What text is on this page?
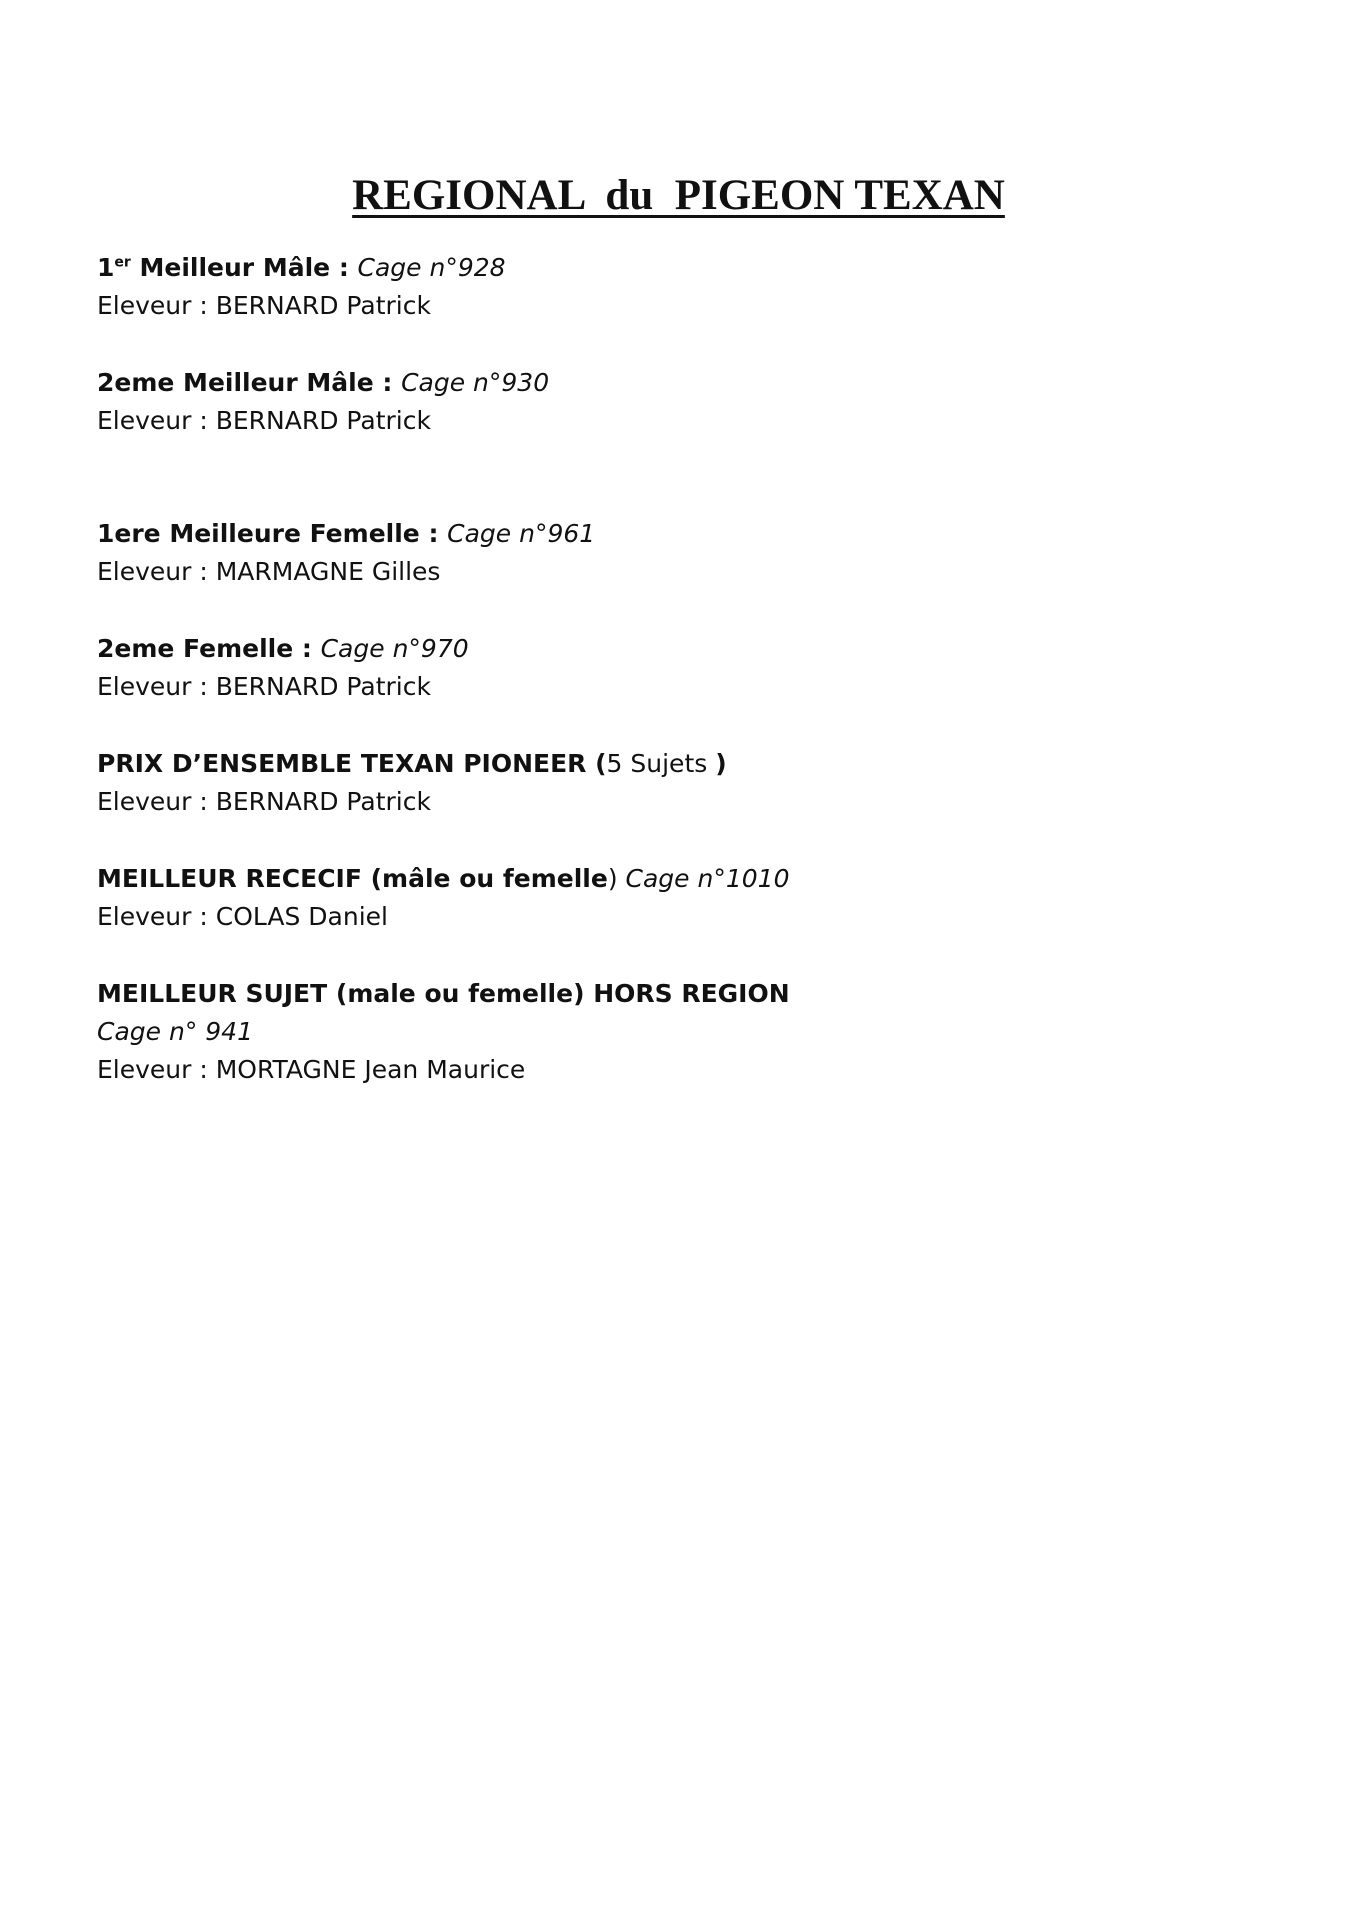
REGIONAL  du  PIGEON TEXAN
1er Meilleur Mâle : Cage n°928
Eleveur : BERNARD Patrick
2eme Meilleur Mâle : Cage n°930
Eleveur : BERNARD Patrick
1ere Meilleure Femelle : Cage n°961
Eleveur : MARMAGNE Gilles
2eme Femelle : Cage n°970
Eleveur : BERNARD Patrick
PRIX D’ENSEMBLE TEXAN PIONEER (5 Sujets )
Eleveur : BERNARD Patrick
MEILLEUR RECECIF (mâle ou femelle) Cage n°1010
Eleveur : COLAS Daniel
MEILLEUR SUJET (male ou femelle) HORS REGION
Cage n° 941
Eleveur : MORTAGNE Jean Maurice
